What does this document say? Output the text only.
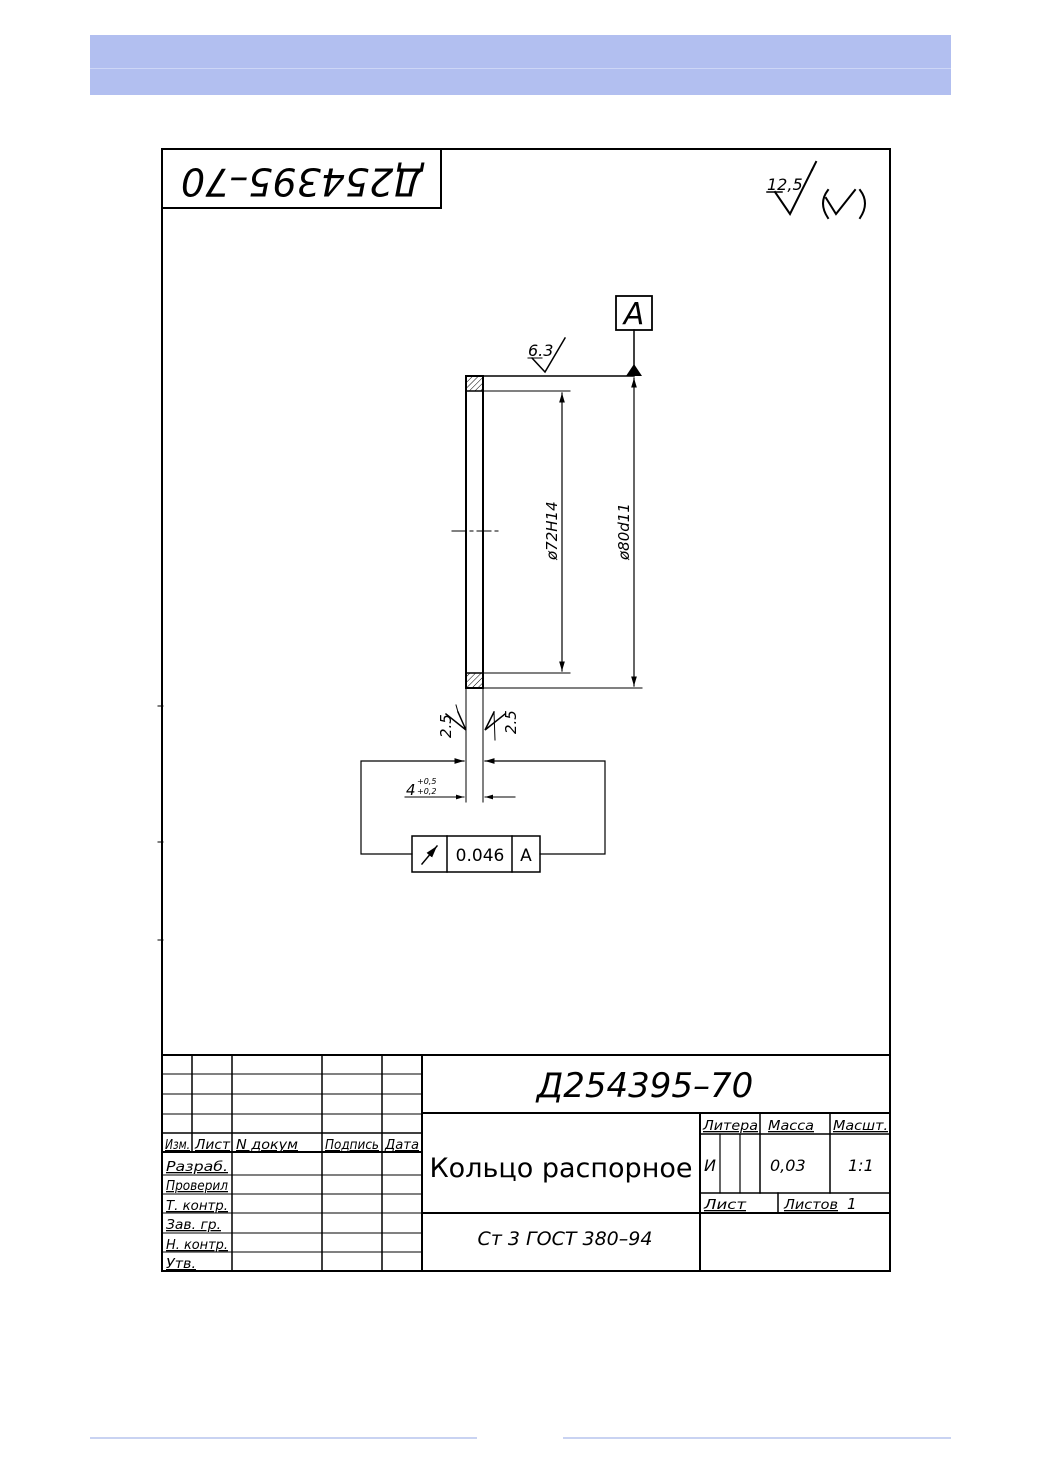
Д254395–70	12,5
A
6.3
ø72H14	ø80d11
2.5	2.5
4 +0,5
+0,2
0.046 A
Д254395–70
Кольцо распорное
Ст 3 ГОСТ 380–94
Изм. Лист N докум Подпись Дата
Разраб.
Проверил
Т. контр.
Зав. гр.
Н. контр.
Утв.
Литера Масса Масшт.
Лист	Листов 1
И	0,03	1:1
